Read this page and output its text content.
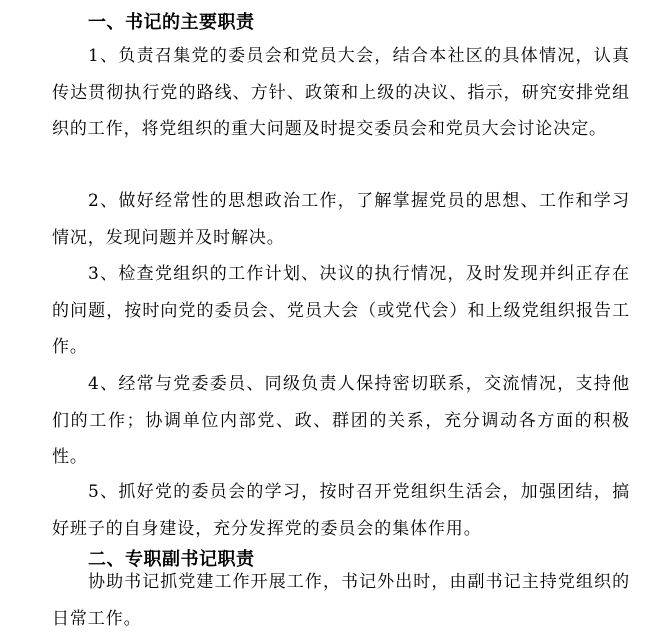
一、书记的主要职责

1、负责召集党的委员会和党员大会，结合本社区的具体情况，认真传达贯彻执行党的路线、方针、政策和上级的决议、指示，研究安排党组织的工作，将党组织的重大问题及时提交委员会和党员大会讨论决定。

2、做好经常性的思想政治工作，了解掌握党员的思想、工作和学习情况，发现问题并及时解决。

3、检查党组织的工作计划、决议的执行情况，及时发现并纠正存在的问题，按时向党的委员会、党员大会（或党代会）和上级党组织报告工作。

4、经常与党委委员、同级负责人保持密切联系，交流情况，支持他们的工作；协调单位内部党、政、群团的关系，充分调动各方面的积极性。

5、抓好党的委员会的学习，按时召开党组织生活会，加强团结，搞好班子的自身建设，充分发挥党的委员会的集体作用。

二、专职副书记职责

协助书记抓党建工作开展工作，书记外出时，由副书记主持党组织的日常工作。
